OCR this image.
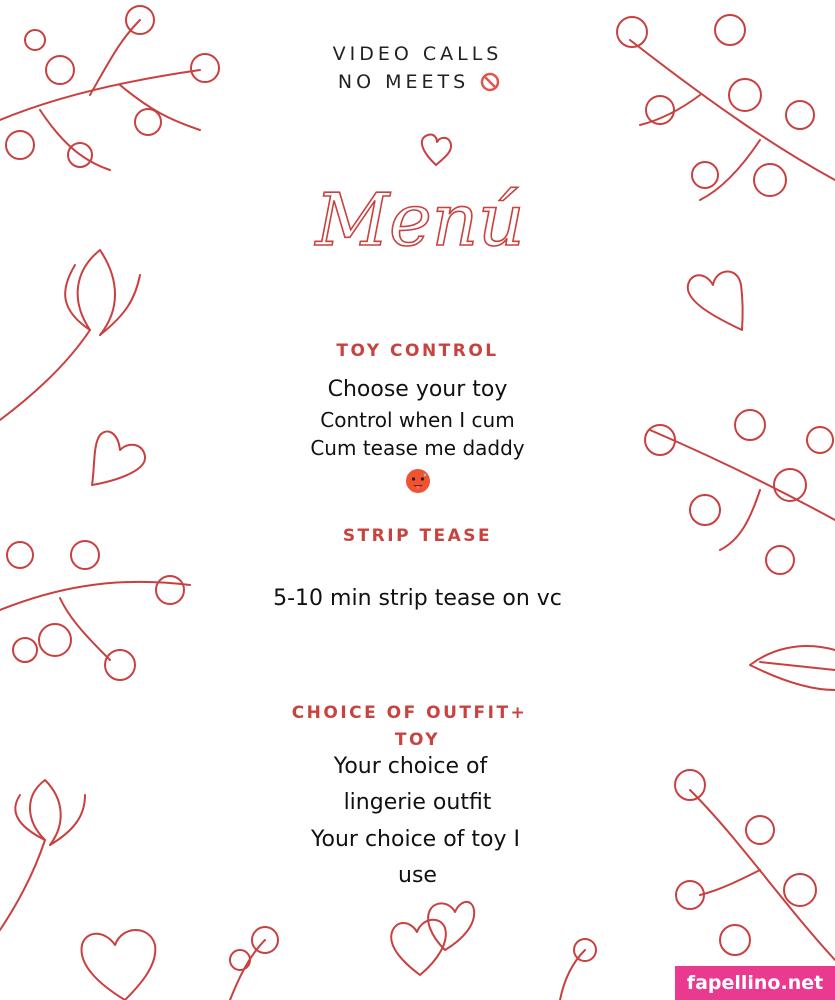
VIDEO CALLS

NO MEETS

Menú

TOY CONTROL

Choose your toy

Control when I cum

Cum tease me daddy

STRIP TEASE

5-10 min strip tease on vc

CHOICE OF OUTFIT+

TOY

Your choice of

lingerie outfit

Your choice of toy I

use

fapellino.net
